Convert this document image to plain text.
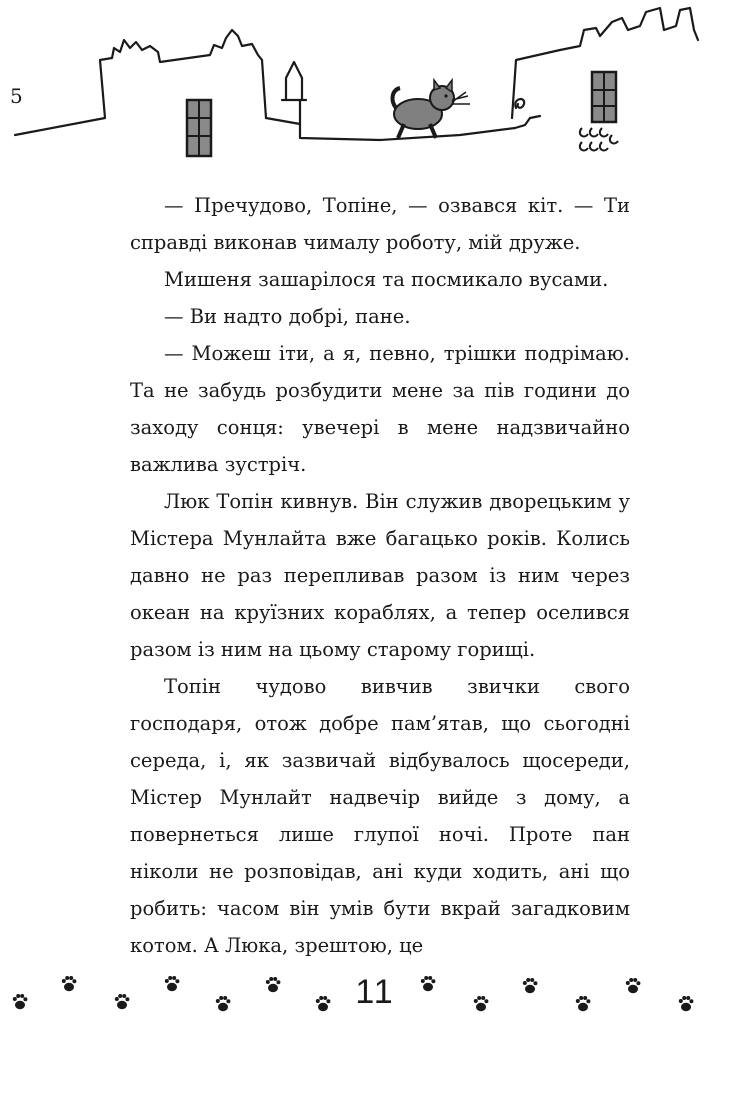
5

— Пречудово, Топіне, — озвався кіт. — Ти справді виконав чималу роботу, мій друже.

Мишеня зашарілося та посмикало вусами.

— Ви надто добрі, пане.

— Можеш іти, а я, певно, трішки подрімаю. Та не забудь розбудити мене за пів години до заходу сонця: увечері в мене надзвичайно важлива зустріч.

Люк Топін кивнув. Він служив дворецьким у Містера Мунлайта вже багацько років. Колись давно не раз перепливав разом із ним через океан на круїзних кораблях, а тепер оселився разом із ним на цьому старому горищі.

Топін чудово вивчив звички свого господаря, отож добре пам’ятав, що сьогодні середа, і, як зазвичай відбувалось щосереди, Містер Мунлайт надвечір вийде з дому, а повернеться лише глупої ночі. Проте пан ніколи не розповідав, ані куди ходить, ані що робить: часом він умів бути вкрай загадковим котом. А Люка, зрештою, це

11
